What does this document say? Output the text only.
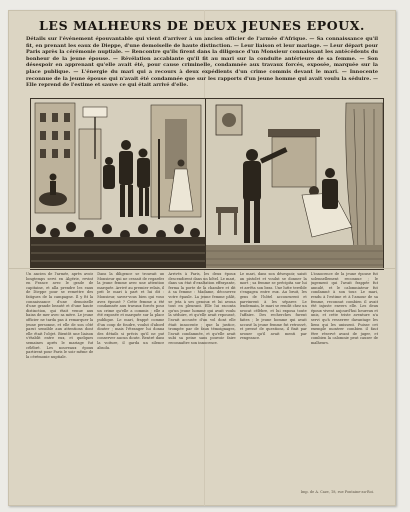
LES MALHEURS DE DEUX JEUNES EPOUX.
Détails sur l'événement épouvantable qui vient d'arriver à un ancien officier de l'armée d'Afrique. — Sa connaissance qu'il fit, en prenant les eaux de Dieppe, d'une demoiselle de haute distinction. — Leur liaison et leur mariage. — Leur départ pour Paris après la cérémonie nuptiale. — Rencontre qu'ils firent dans la diligence d'un Monsieur connaissant les antécédents du bonheur de la jeune épouse. — Révélation accablante qu'il fit au mari sur la conduite antérieure de sa femme. — Son désespoir en apprenant qu'elle avait été, pour cause criminelle, condamnée aux travaux forcés, exposée, marquée sur la place publique. — L'énergie du mari qui a recours à deux expédients d'un crime commis devant le mari. — Innocente reconnue de la jeune épouse qui n'avait été condamnée que sur les rapports d'un jeune homme qui avait voulu la séduire. — Elle reprend de l'estime et sauve ce qui était arrivé d'elle.
Un ancien de l'armée, après avoir longtemps servi en Algérie, revint en France avec le grade de capitaine, et alla prendre les eaux de Dieppe pour se remettre des fatigues de la campagne. Il y fit la connaissance d'une demoiselle d'une grande beauté et d'une haute distinction, qui était venue aux bains de mer avec sa mère. Le jeune officier ne tarda pas à remarquer la jeune personne, et elle de son côté parut sensible aux attentions dont elle était l'objet. Bientôt une liaison s'établit entre eux, et quelques semaines après le mariage fut célébré. Les nouveaux époux partirent pour Paris le soir même de la cérémonie nuptiale.
Dans la diligence se trouvait un Monsieur qui ne cessait de regarder la jeune femme avec une attention marquée. Arrivé au premier relais, il prit le mari à part et lui dit : Monsieur, savez-vous bien qui vous avez épousé ? Cette femme a été condamnée aux travaux forcés pour un crime qu'elle a commis ; elle a été exposée et marquée sur la place publique. Le mari, frappé comme d'un coup de foudre, voulut d'abord douter ; mais l'étranger lui donna des détails si précis qu'il ne put conserver aucun doute. Rentré dans la voiture, il garda un silence absolu.
Arrivés à Paris, les deux époux descendirent dans un hôtel. Le mari, dans un état d'exaltation effrayante, ferma la porte de la chambre et dit à sa femme : Madame, découvrez votre épaule. La jeune femme pâlit, se jeta à ses genoux et lui avoua tout en pleurant. Elle lui raconta qu'un jeune homme qui avait voulu la séduire, et qu'elle avait repoussé, l'avait accusée d'un vol dont elle était innocente ; que la justice, trompée par de faux témoignages, l'avait condamnée, et qu'elle avait subi sa peine sans pouvoir faire reconnaître son innocence.
Le mari, dans son désespoir, saisit un pistolet et voulut se donner la mort ; sa femme se précipita sur lui et arrêta son bras. Une lutte terrible s'engagea entre eux. Au bruit, les gens de l'hôtel accoururent et parvinrent à les séparer. Le lendemain, le mari se rendit chez un avocat célèbre, et lui exposa toute l'affaire. Des recherches furent faites ; le jeune homme qui avait accusé la jeune femme fut retrouvé, et pressé de questions, il finit par avouer qu'il avait menti par vengeance.
L'innocence de la jeune épouse fut solennellement reconnue ; le jugement qui l'avait frappée fut annulé, et le calomniateur fut condamné à son tour. Le mari, rendu à l'estime et à l'amour de sa femme, reconnut combien il avait été injuste envers elle. Les deux époux vivent aujourd'hui heureux et unis, et cette triste aventure n'a servi qu'à resserrer davantage les liens qui les unissent. Puisse cet exemple montrer combien il faut être réservé avant de juger, et combien la calomnie peut causer de malheurs.
Imp. de A. Caze, 18, rue Fontaine-au-Roi.
